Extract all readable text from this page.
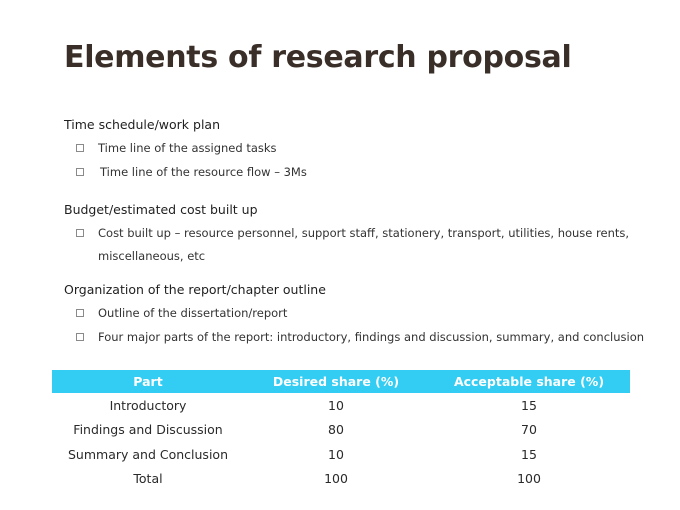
Elements of research proposal
Time schedule/work plan
Time line of the assigned tasks
Time line of the resource flow – 3Ms
Budget/estimated cost built up
Cost built up – resource personnel, support staff, stationery, transport, utilities, house rents,
miscellaneous, etc
Organization of the report/chapter outline
Outline of the dissertation/report
Four major parts of the report: introductory, findings and discussion, summary, and conclusion
Part	Desired share (%)	Acceptable share (%)
Introductory	10	15
Findings and Discussion	80	70
Summary and Conclusion	10	15
Total	100	100
